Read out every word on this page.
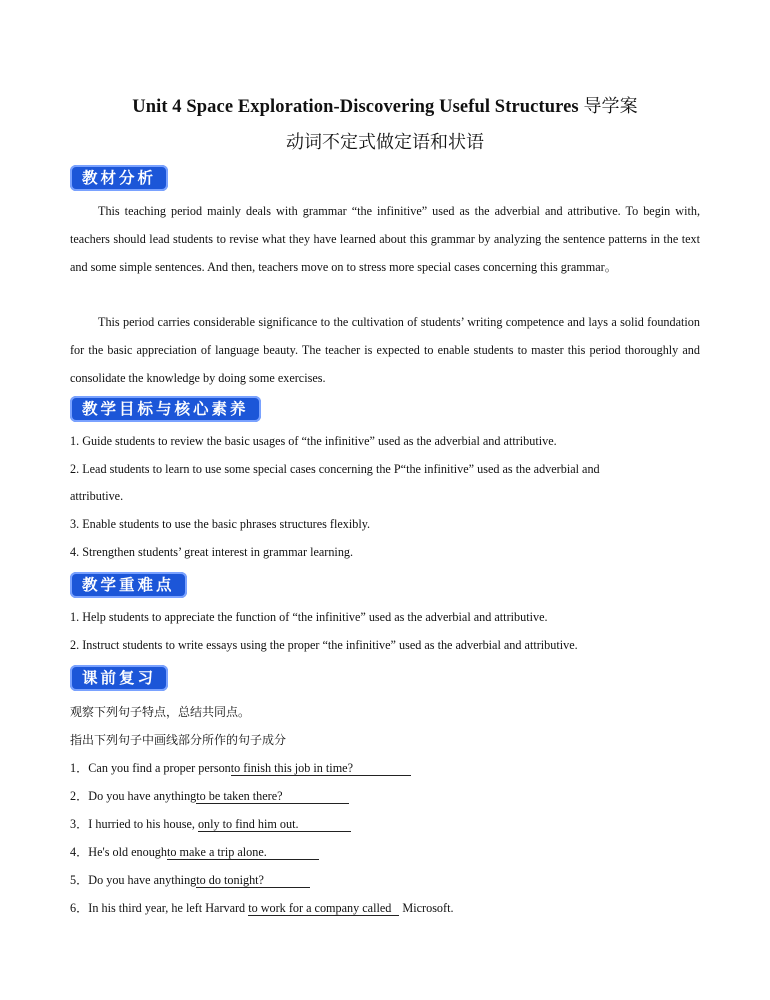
Unit 4 Space Exploration-Discovering Useful Structures 导学案
动词不定式做定语和状语
教材分析
This teaching period mainly deals with grammar “the infinitive” used as the adverbial and attributive. To begin with, teachers should lead students to revise what they have learned about this grammar by analyzing the sentence patterns in the text and some simple sentences. And then, teachers move on to stress more special cases concerning this grammar。
This period carries considerable significance to the cultivation of students’ writing competence and lays a solid foundation for the basic appreciation of language beauty. The teacher is expected to enable students to master this period thoroughly and consolidate the knowledge by doing some exercises.
教学目标与核心素养
1. Guide students to review the basic usages of “the infinitive” used as the adverbial and attributive.
2. Lead students to learn to use some special cases concerning the P“the infinitive” used as the adverbial and
attributive.
3. Enable students to use the basic phrases structures flexibly.
4. Strengthen students’ great interest in grammar learning.
教学重难点
1. Help students to appreciate the function of “the infinitive” used as the adverbial and attributive.
2. Instruct students to write essays using the proper “the infinitive” used as the adverbial and attributive.
课前复习
观察下列句子特点，总结共同点。
指出下列句子中画线部分所作的句子成分
1．Can you find a proper personto finish this job in time?
2．Do you have anythingto be taken there?
3．I hurried to his house, only to find him out.
4．He's old enoughto make a trip alone.
5．Do you have anythingto do tonight?
6．In his third year, he left Harvard to work for a company called Microsoft.
